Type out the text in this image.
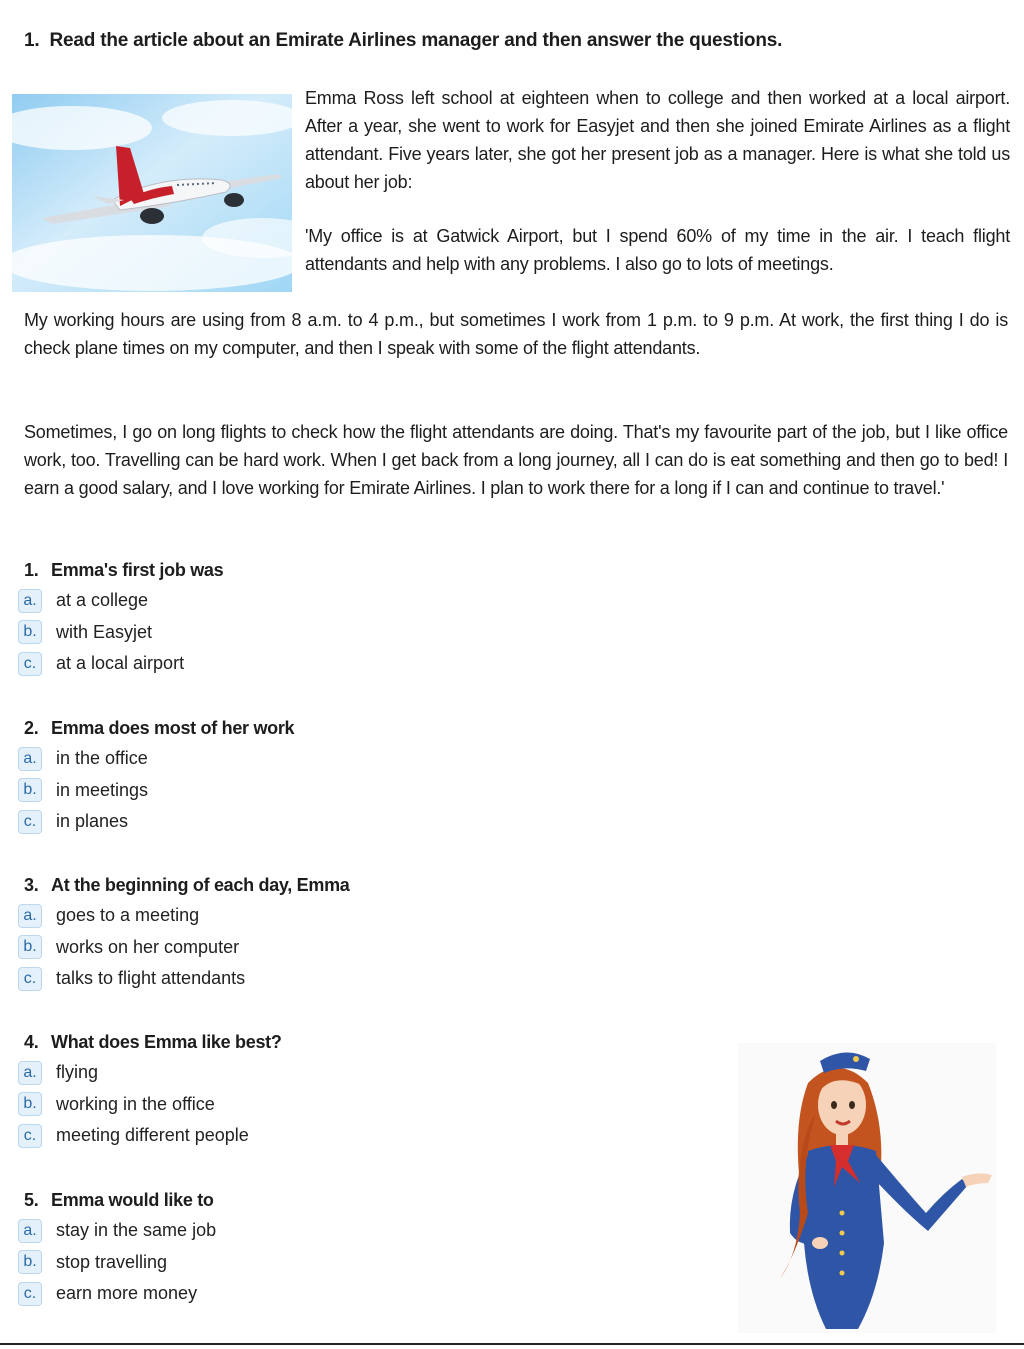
1. Read the article about an Emirate Airlines manager and then answer the questions.

Emma Ross left school at eighteen when to college and then worked at a local airport. After a year, she went to work for Easyjet and then she joined Emirate Airlines as a flight attendant. Five years later, she got her present job as a manager. Here is what she told us about her job:

'My office is at Gatwick Airport, but I spend 60% of my time in the air. I teach flight attendants and help with any problems. I also go to lots of meetings.

My working hours are using from 8 a.m. to 4 p.m., but sometimes I work from 1 p.m. to 9 p.m. At work, the first thing I do is check plane times on my computer, and then I speak with some of the flight attendants.

Sometimes, I go on long flights to check how the flight attendants are doing. That's my favourite part of the job, but I like office work, too. Travelling can be hard work. When I get back from a long journey, all I can do is eat something and then go to bed! I earn a good salary, and I love working for Emirate Airlines. I plan to work there for a long if I can and continue to travel.'

1. Emma's first job was
a. at a college
b. with Easyjet
c.	at a local airport
2. Emma does most of her work
a. in the office
b. in meetings
c.	in planes
3. At the beginning of each day, Emma
a. goes to a meeting
b. works on her computer
c.	talks to flight attendants
4. What does Emma like best?
a. flying
b. working in the office
c.	meeting different people
5. Emma would like to
a. stay in the same job
b. stop travelling
c.	earn more money
